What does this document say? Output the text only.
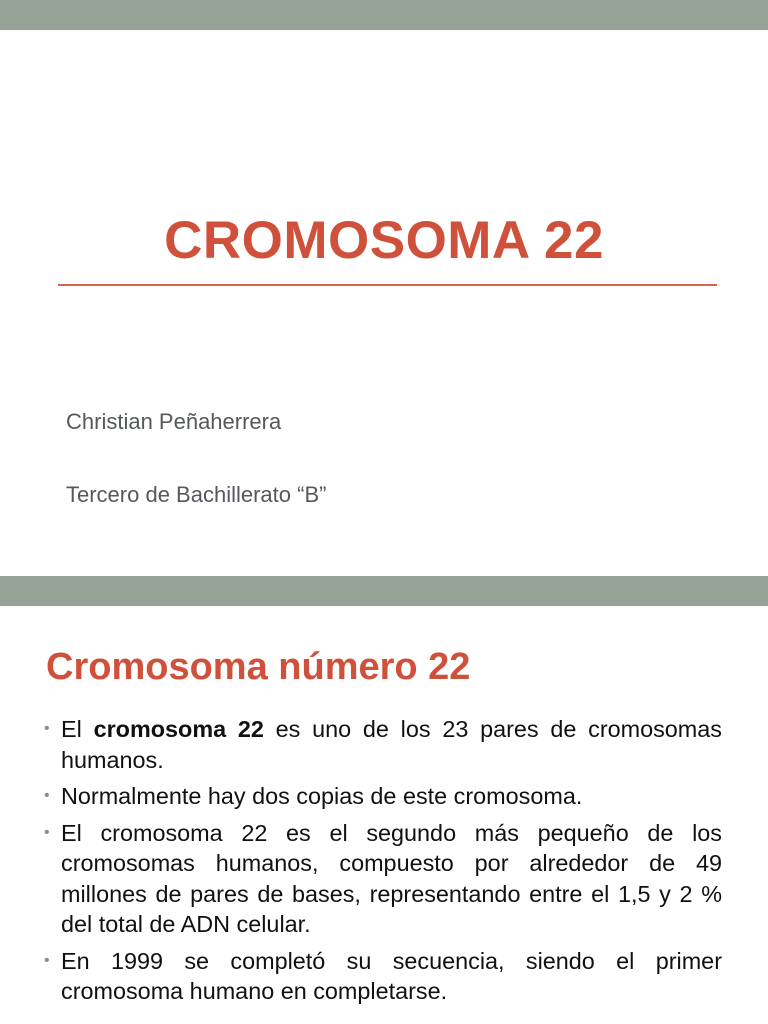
CROMOSOMA 22
Christian Peñaherrera
Tercero de Bachillerato “B”
Cromosoma número 22
• El cromosoma 22 es uno de los 23 pares de cromosomas humanos.
• Normalmente hay dos copias de este cromosoma.
• El cromosoma 22 es el segundo más pequeño de los cromosomas humanos, compuesto por alrededor de 49 millones de pares de bases, representando entre el 1,5 y 2 % del total de ADN celular.
• En 1999 se completó su secuencia, siendo el primer cromosoma humano en completarse.
